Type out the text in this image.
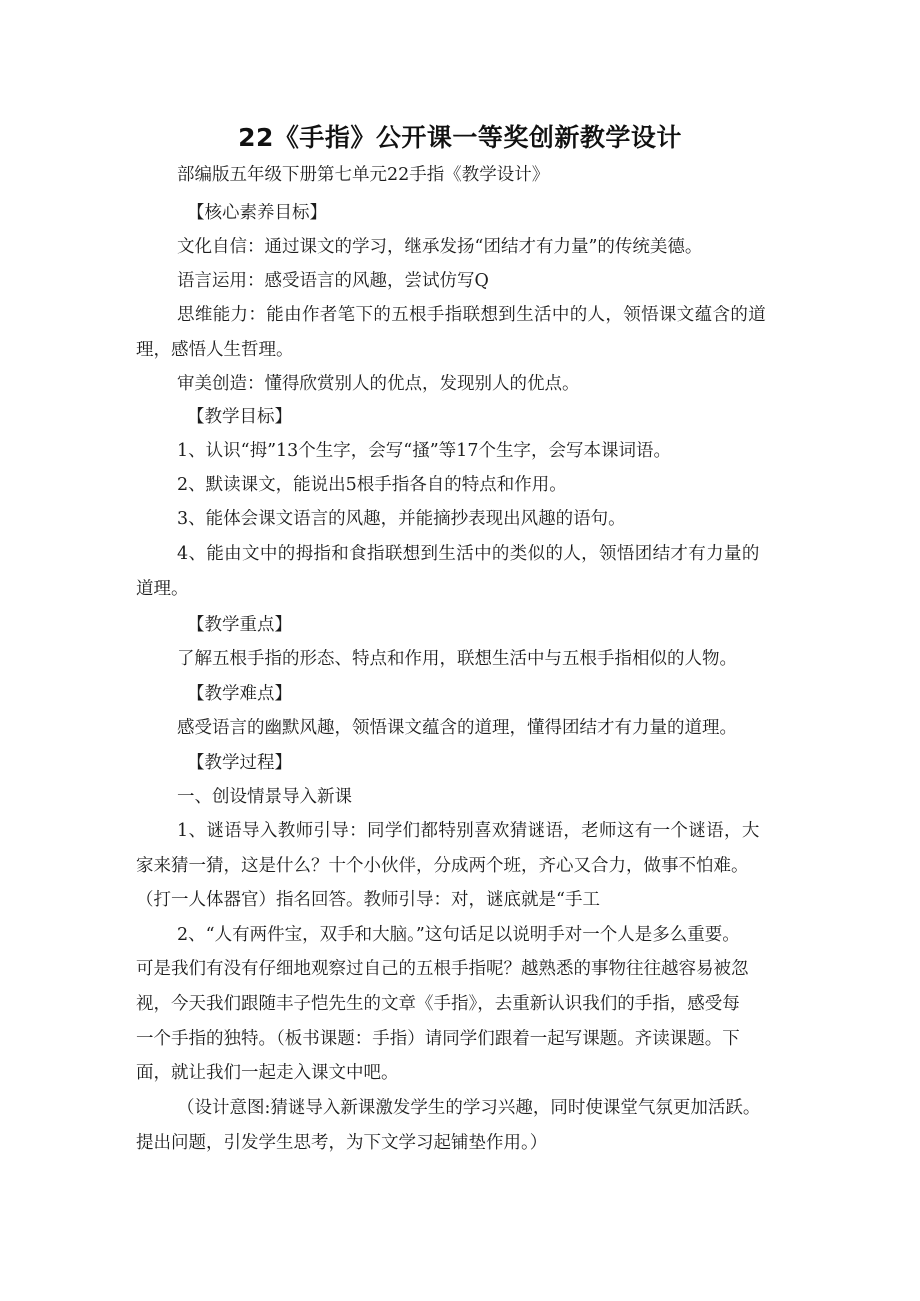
22《手指》公开课一等奖创新教学设计
部编版五年级下册第七单元22手指《教学设计》
【核心素养目标】
文化自信：通过课文的学习，继承发扬“团结才有力量”的传统美德。
语言运用：感受语言的风趣，尝试仿写Q
思维能力：能由作者笔下的五根手指联想到生活中的人，领悟课文蕴含的道
理，感悟人生哲理。
审美创造：懂得欣赏别人的优点，发现别人的优点。
【教学目标】
1、认识“拇”13个生字，会写“搔”等17个生字，会写本课词语。
2、默读课文，能说出5根手指各自的特点和作用。
3、能体会课文语言的风趣，并能摘抄表现出风趣的语句。
4、能由文中的拇指和食指联想到生活中的类似的人，领悟团结才有力量的
道理。
【教学重点】
了解五根手指的形态、特点和作用，联想生活中与五根手指相似的人物。
【教学难点】
感受语言的幽默风趣，领悟课文蕴含的道理，懂得团结才有力量的道理。
【教学过程】
一、创设情景导入新课
1、谜语导入教师引导：同学们都特别喜欢猜谜语，老师这有一个谜语，大
家来猜一猜，这是什么？十个小伙伴，分成两个班，齐心又合力，做事不怕难。
（打一人体器官）指名回答。教师引导：对，谜底就是“手工
2、“人有两件宝，双手和大脑。”这句话足以说明手对一个人是多么重要。
可是我们有没有仔细地观察过自己的五根手指呢？越熟悉的事物往往越容易被忽
视，今天我们跟随丰子恺先生的文章《手指》，去重新认识我们的手指，感受每
一个手指的独特。（板书课题：手指）请同学们跟着一起写课题。齐读课题。下
面，就让我们一起走入课文中吧。
（设计意图:猜谜导入新课激发学生的学习兴趣，同时使课堂气氛更加活跃。
提出问题，引发学生思考，为下文学习起铺垫作用。）
